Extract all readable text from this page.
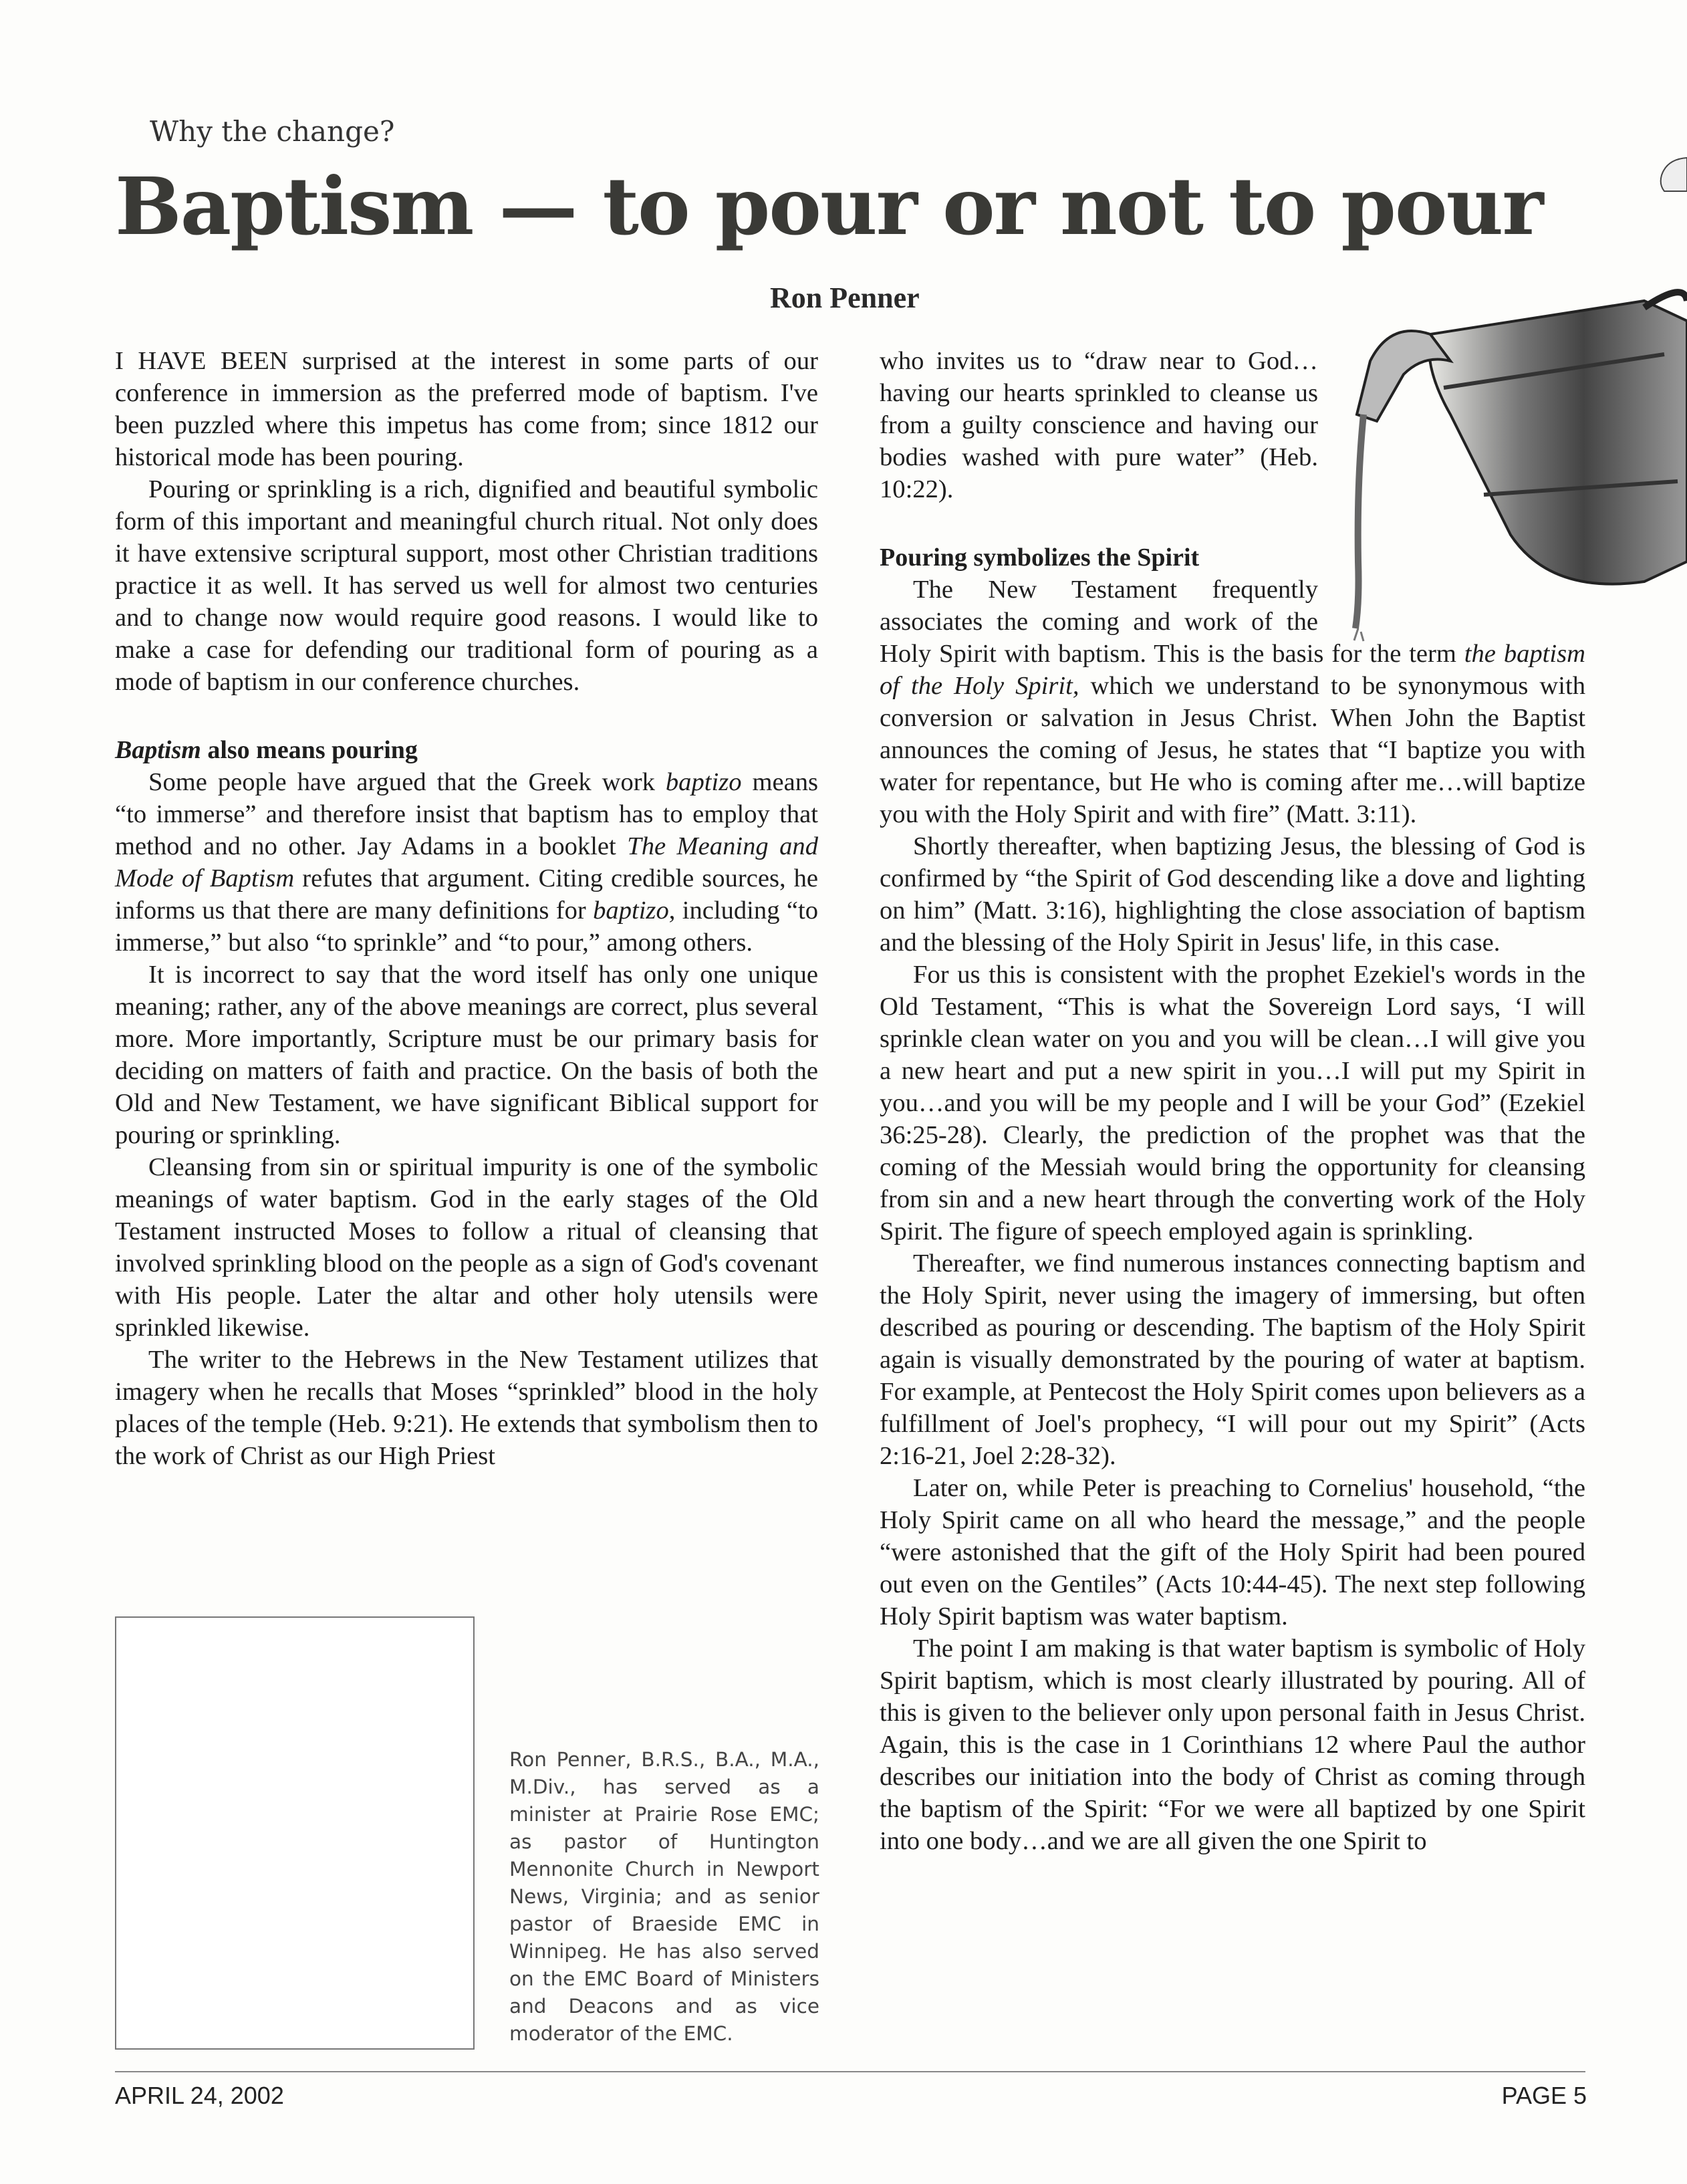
Why the change?
Baptism — to pour or not to pour
Ron Penner

I HAVE BEEN surprised at the interest in some parts of our conference in immersion as the preferred mode of baptism. I've been puzzled where this impetus has come from; since 1812 our historical mode has been pouring.

Pouring or sprinkling is a rich, dignified and beautiful symbolic form of this important and meaningful church ritual. Not only does it have extensive scriptural support, most other Christian traditions practice it as well. It has served us well for almost two centuries and to change now would require good reasons. I would like to make a case for defending our traditional form of pouring as a mode of baptism in our conference churches.

Baptism also means pouring

Some people have argued that the Greek work baptizo means “to immerse” and therefore insist that baptism has to employ that method and no other. Jay Adams in a booklet The Meaning and Mode of Baptism refutes that argument. Citing credible sources, he informs us that there are many definitions for baptizo, including “to immerse,” but also “to sprinkle” and “to pour,” among others.

It is incorrect to say that the word itself has only one unique meaning; rather, any of the above meanings are correct, plus several more. More importantly, Scripture must be our primary basis for deciding on matters of faith and practice. On the basis of both the Old and New Testament, we have significant Biblical support for pouring or sprinkling.

Cleansing from sin or spiritual impurity is one of the symbolic meanings of water baptism. God in the early stages of the Old Testament instructed Moses to follow a ritual of cleansing that involved sprinkling blood on the people as a sign of God's covenant with His people. Later the altar and other holy utensils were sprinkled likewise.

The writer to the Hebrews in the New Testament utilizes that imagery when he recalls that Moses “sprinkled” blood in the holy places of the temple (Heb. 9:21). He extends that symbolism then to the work of Christ as our High Priest

Ron Penner, B.R.S., B.A., M.A., M.Div., has served as a minister at Prairie Rose EMC; as pastor of Huntington Mennonite Church in Newport News, Virginia; and as senior pastor of Braeside EMC in Winnipeg. He has also served on the EMC Board of Ministers and Deacons and as vice moderator of the EMC.

who invites us to “draw near to God…having our hearts sprinkled to cleanse us from a guilty conscience and having our bodies washed with pure water” (Heb. 10:22).

Pouring symbolizes the Spirit

The New Testament frequently associates the coming and work of the Holy Spirit with baptism. This is the basis for the term the baptism of the Holy Spirit, which we understand to be synonymous with conversion or salvation in Jesus Christ. When John the Baptist announces the coming of Jesus, he states that “I baptize you with water for repentance, but He who is coming after me…will baptize you with the Holy Spirit and with fire” (Matt. 3:11).

Shortly thereafter, when baptizing Jesus, the blessing of God is confirmed by “the Spirit of God descending like a dove and lighting on him” (Matt. 3:16), highlighting the close association of baptism and the blessing of the Holy Spirit in Jesus' life, in this case.

For us this is consistent with the prophet Ezekiel's words in the Old Testament, “This is what the Sovereign Lord says, ‘I will sprinkle clean water on you and you will be clean…I will give you a new heart and put a new spirit in you…I will put my Spirit in you…and you will be my people and I will be your God” (Ezekiel 36:25-28). Clearly, the prediction of the prophet was that the coming of the Messiah would bring the opportunity for cleansing from sin and a new heart through the converting work of the Holy Spirit. The figure of speech employed again is sprinkling.

Thereafter, we find numerous instances connecting baptism and the Holy Spirit, never using the imagery of immersing, but often described as pouring or descending. The baptism of the Holy Spirit again is visually demonstrated by the pouring of water at baptism. For example, at Pentecost the Holy Spirit comes upon believers as a fulfillment of Joel's prophecy, “I will pour out my Spirit” (Acts 2:16-21, Joel 2:28-32).

Later on, while Peter is preaching to Cornelius' household, “the Holy Spirit came on all who heard the message,” and the people “were astonished that the gift of the Holy Spirit had been poured out even on the Gentiles” (Acts 10:44-45). The next step following Holy Spirit baptism was water baptism.

The point I am making is that water baptism is symbolic of Holy Spirit baptism, which is most clearly illustrated by pouring. All of this is given to the believer only upon personal faith in Jesus Christ. Again, this is the case in 1 Corinthians 12 where Paul the author describes our initiation into the body of Christ as coming through the baptism of the Spirit: “For we were all baptized by one Spirit into one body…and we are all given the one Spirit to

APRIL 24, 2002	PAGE 5
